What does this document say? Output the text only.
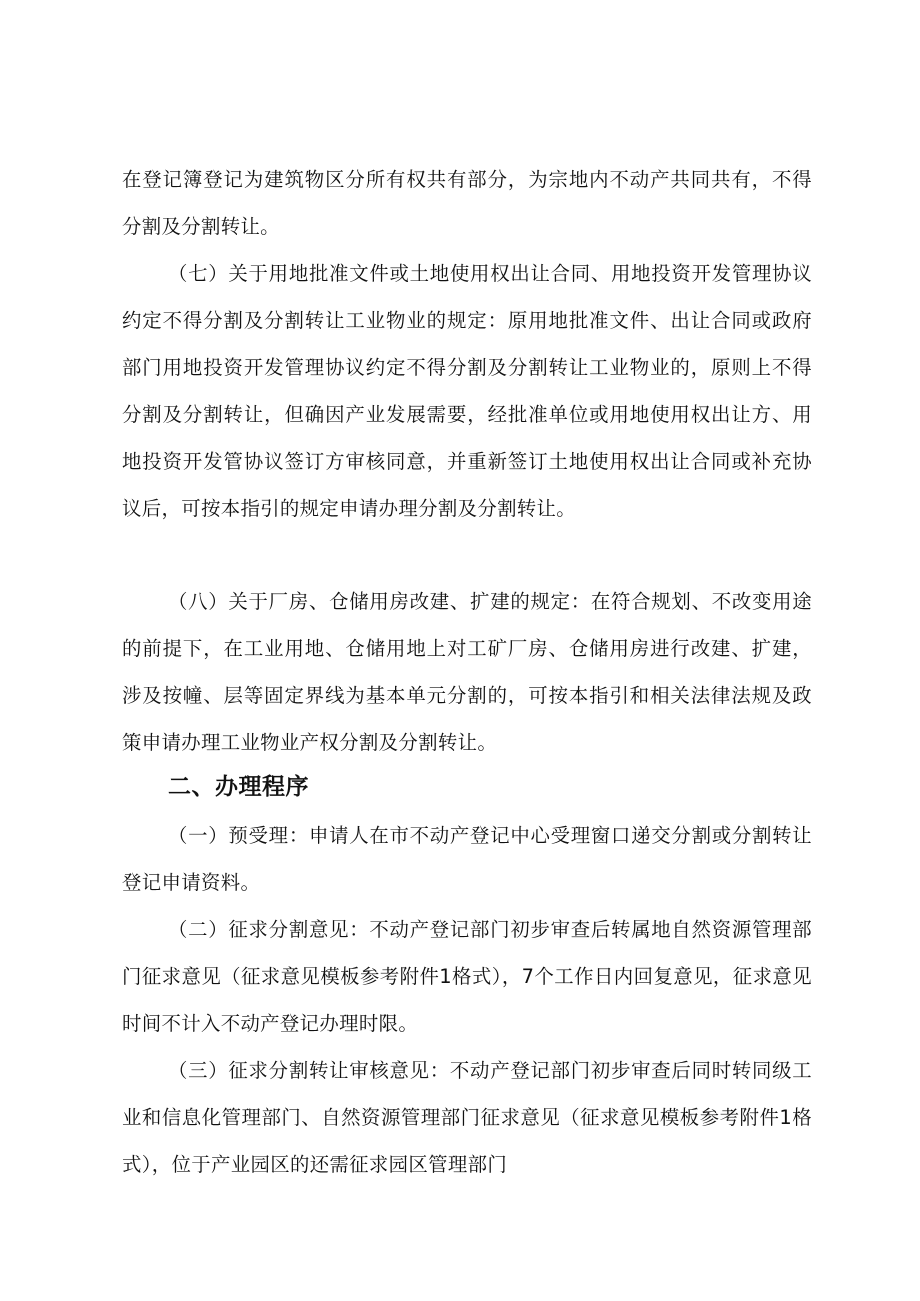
在登记簿登记为建筑物区分所有权共有部分，为宗地内不动产共同共有，不得分割及分割转让。

（七）关于用地批准文件或土地使用权出让合同、用地投资开发管理协议约定不得分割及分割转让工业物业的规定：原用地批准文件、出让合同或政府部门用地投资开发管理协议约定不得分割及分割转让工业物业的，原则上不得分割及分割转让，但确因产业发展需要，经批准单位或用地使用权出让方、用地投资开发管协议签订方审核同意，并重新签订土地使用权出让合同或补充协议后，可按本指引的规定申请办理分割及分割转让。

（八）关于厂房、仓储用房改建、扩建的规定：在符合规划、不改变用途的前提下，在工业用地、仓储用地上对工矿厂房、仓储用房进行改建、扩建，涉及按幢、层等固定界线为基本单元分割的，可按本指引和相关法律法规及政策申请办理工业物业产权分割及分割转让。

二、办理程序

（一）预受理：申请人在市不动产登记中心受理窗口递交分割或分割转让登记申请资料。

（二）征求分割意见：不动产登记部门初步审查后转属地自然资源管理部门征求意见（征求意见模板参考附件1格式），7个工作日内回复意见，征求意见时间不计入不动产登记办理时限。

（三）征求分割转让审核意见：不动产登记部门初步审查后同时转同级工业和信息化管理部门、自然资源管理部门征求意见（征求意见模板参考附件1格式），位于产业园区的还需征求园区管理部门
